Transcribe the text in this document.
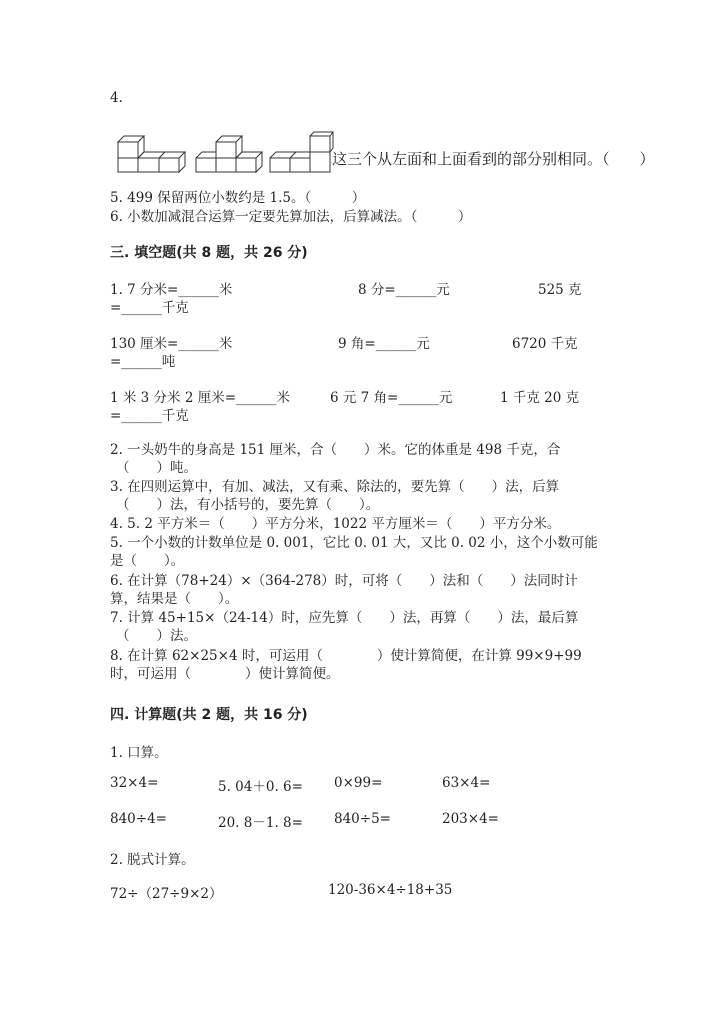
4.
这三个从左面和上面看到的部分别相同。（　　）
5. 499 保留两位小数约是 1.5。（　　　）
6. 小数加减混合运算一定要先算加法，后算减法。（　　　）
三. 填空题(共 8 题，共 26 分)
1. 7 分米=______米	8 分=______元	525 克
=______千克
130 厘米=______米	9 角=______元	6720 千克
=______吨
1 米 3 分米 2 厘米=______米	6 元 7 角=______元	1 千克 20 克
=______千克
2. 一头奶牛的身高是 151 厘米，合（　　）米。它的体重是 498 千克，合
（　　）吨。
3. 在四则运算中，有加、减法，又有乘、除法的，要先算（　　）法，后算
（　　）法，有小括号的，要先算（　　）。
4. 5. 2 平方米＝（　　）平方分米，1022 平方厘米＝（　　）平方分米。
5. 一个小数的计数单位是 0. 001，它比 0. 01 大，又比 0. 02 小，这个小数可能
是（　　）。
6. 在计算（78+24）×（364-278）时，可将（　　）法和（　　）法同时计
算，结果是（　　）。
7. 计算 45+15×（24-14）时，应先算（　　）法，再算（　　）法，最后算
（　　）法。
8. 在计算 62×25×4 时，可运用（　　　　）使计算简便，在计算 99×9+99
时，可运用（　　　　）使计算简便。
四. 计算题(共 2 题，共 16 分)
1. 口算。
32×4=	5. 04＋0. 6= 0×99=	63×4=
840÷4=	20. 8－1. 8= 840÷5=	203×4=
2. 脱式计算。
72÷（27÷9×2）	120-36×4÷18+35
